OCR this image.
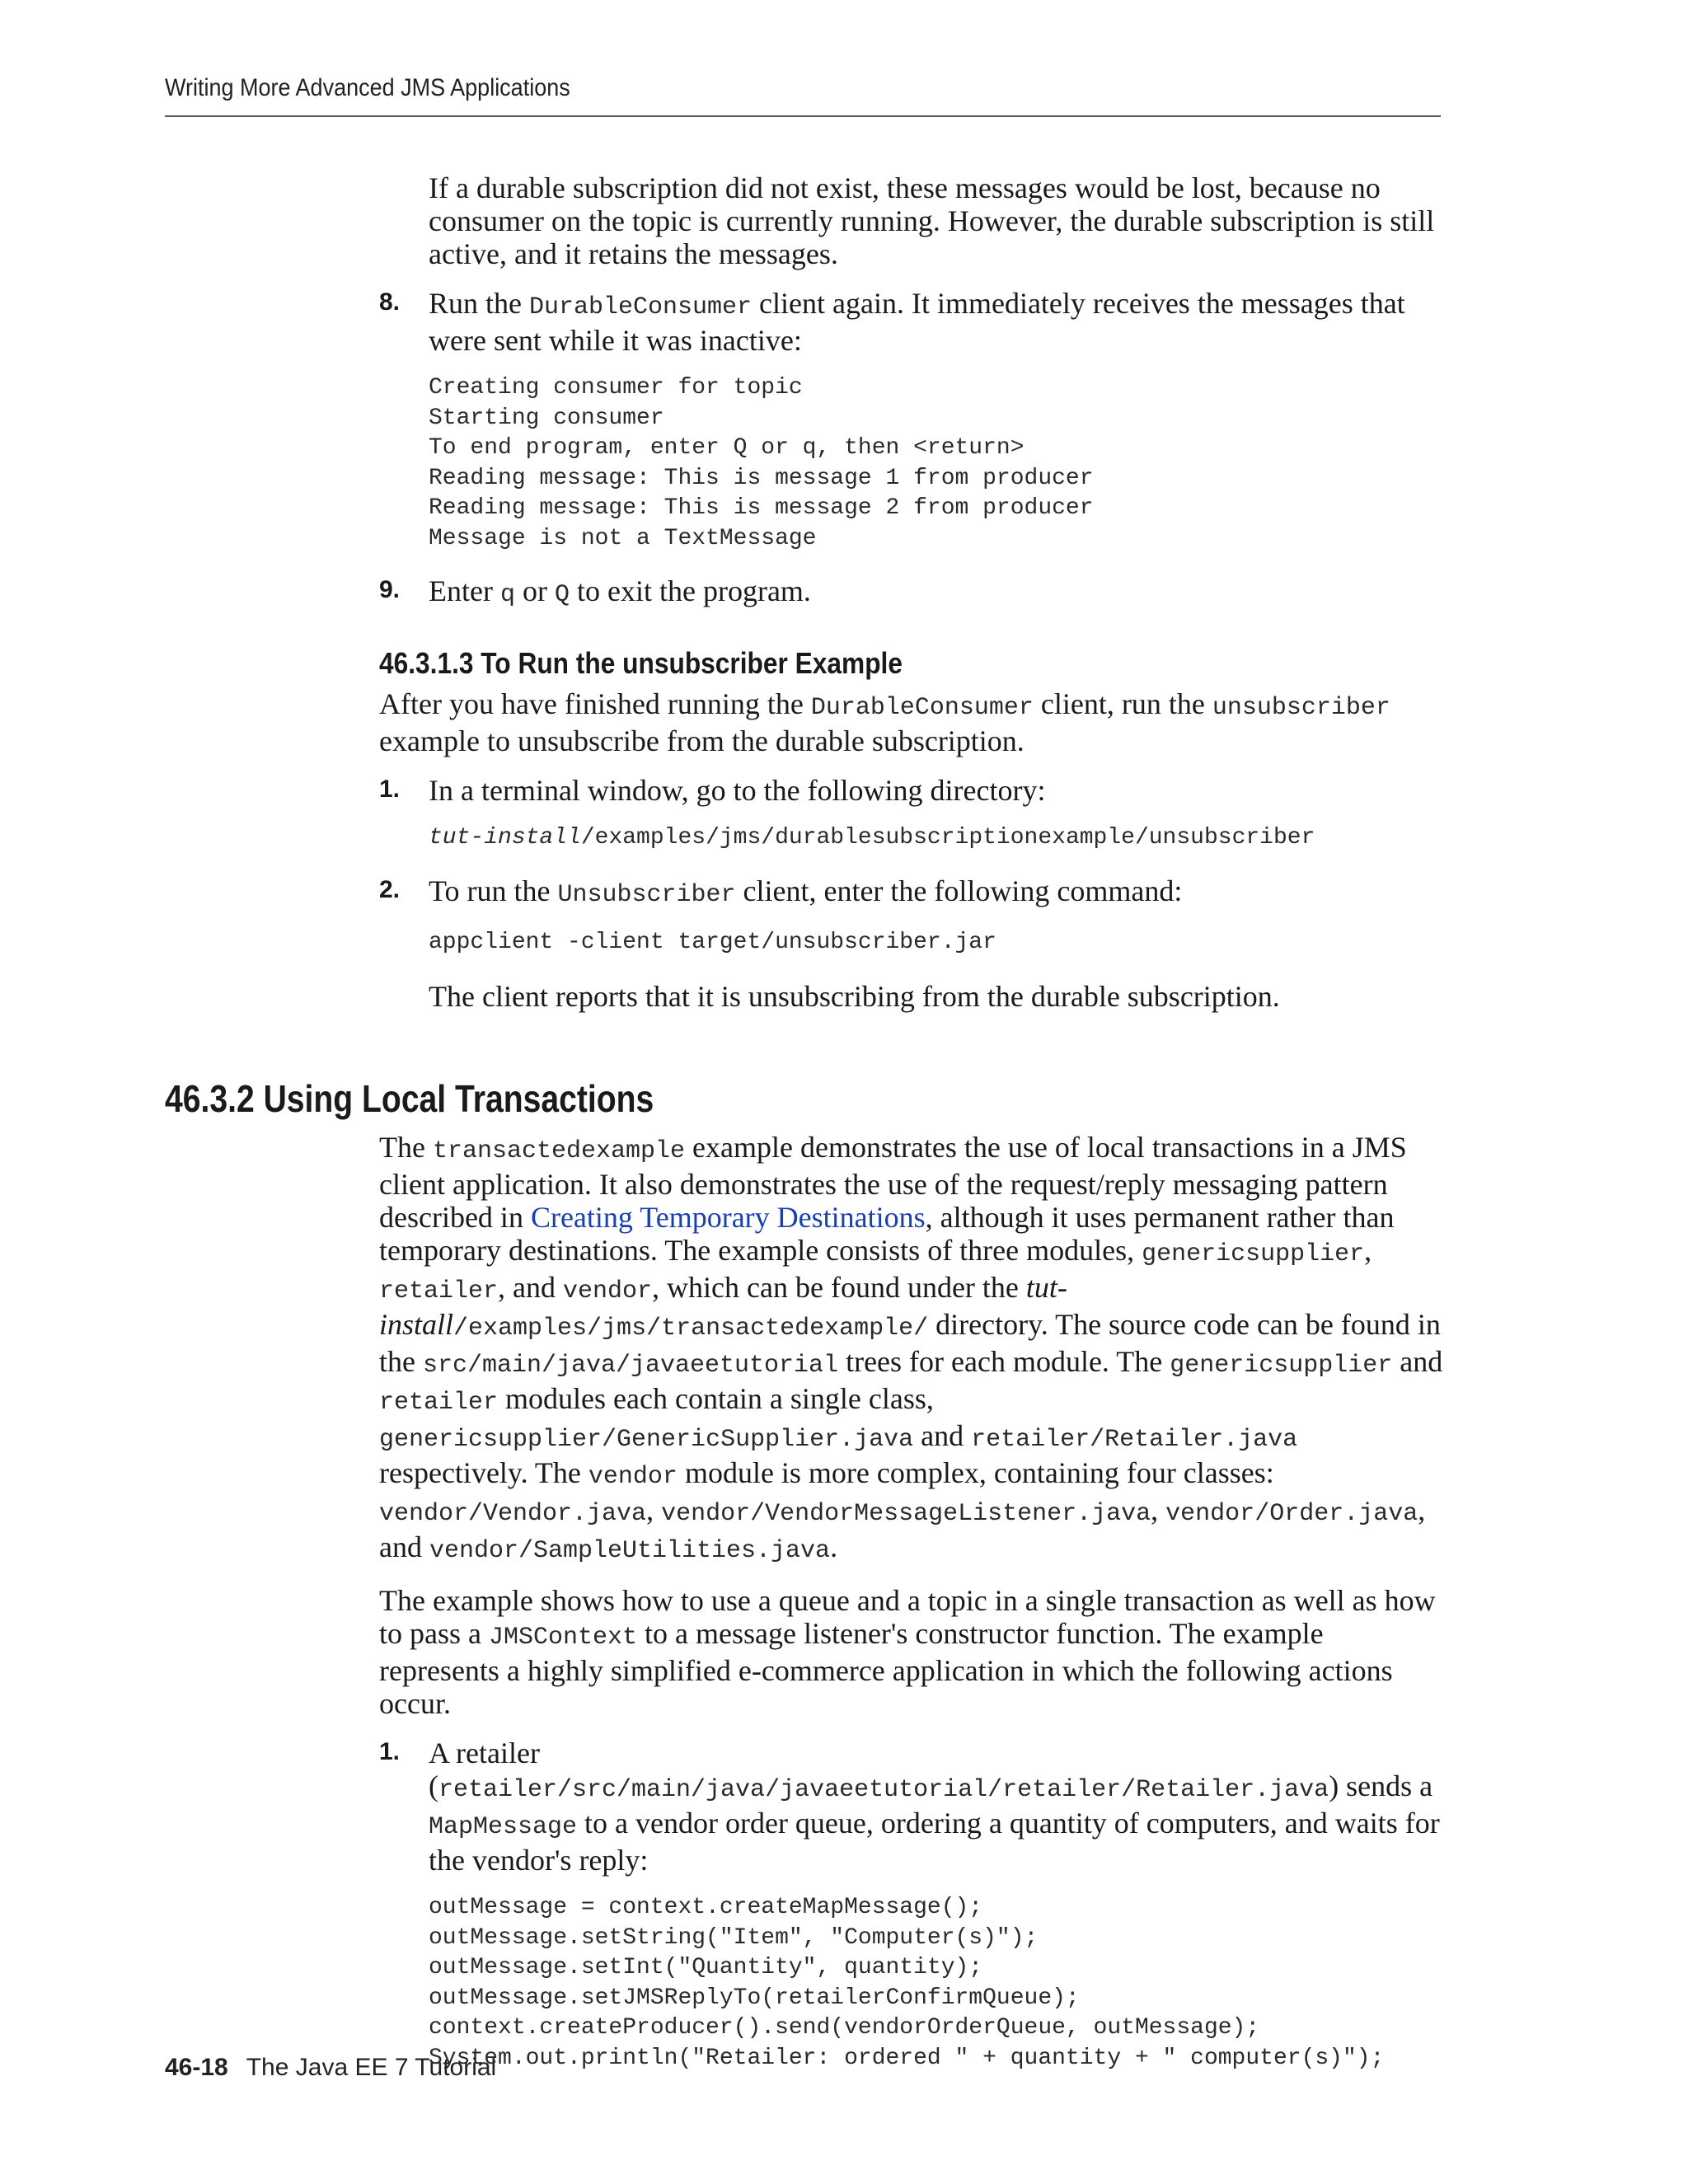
Writing More Advanced JMS Applications

If a durable subscription did not exist, these messages would be lost, because no consumer on the topic is currently running. However, the durable subscription is still active, and it retains the messages.

8. Run the DurableConsumer client again. It immediately receives the messages that were sent while it was inactive:

Creating consumer for topic
Starting consumer
To end program, enter Q or q, then <return>
Reading message: This is message 1 from producer
Reading message: This is message 2 from producer
Message is not a TextMessage
9. Enter q or Q to exit the program.

46.3.1.3 To Run the unsubscriber Example

After you have finished running the DurableConsumer client, run the unsubscriber example to unsubscribe from the durable subscription.

1. In a terminal window, go to the following directory:

tut-install/examples/jms/durablesubscriptionexample/unsubscriber
2. To run the Unsubscriber client, enter the following command:

appclient -client target/unsubscriber.jar

The client reports that it is unsubscribing from the durable subscription.

46.3.2 Using Local Transactions

The transactedexample example demonstrates the use of local transactions in a JMS client application. It also demonstrates the use of the request/reply messaging pattern described in Creating Temporary Destinations, although it uses permanent rather than temporary destinations. The example consists of three modules, genericsupplier, retailer, and vendor, which can be found under the tut-install/examples/jms/transactedexample/ directory. The source code can be found in the src/main/java/javaeetutorial trees for each module. The genericsupplier and retailer modules each contain a single class, genericsupplier/GenericSupplier.java and retailer/Retailer.java respectively. The vendor module is more complex, containing four classes: vendor/Vendor.java, vendor/VendorMessageListener.java, vendor/Order.java, and vendor/SampleUtilities.java.

The example shows how to use a queue and a topic in a single transaction as well as how to pass a JMSContext to a message listener's constructor function. The example represents a highly simplified e-commerce application in which the following actions occur.

1. A retailer (retailer/src/main/java/javaeetutorial/retailer/Retailer.java) sends a MapMessage to a vendor order queue, ordering a quantity of computers, and waits for the vendor's reply:

outMessage = context.createMapMessage();
outMessage.setString("Item", "Computer(s)");
outMessage.setInt("Quantity", quantity);
outMessage.setJMSReplyTo(retailerConfirmQueue);
context.createProducer().send(vendorOrderQueue, outMessage);
System.out.println("Retailer: ordered " + quantity + " computer(s)");
46-18 The Java EE 7 Tutorial
